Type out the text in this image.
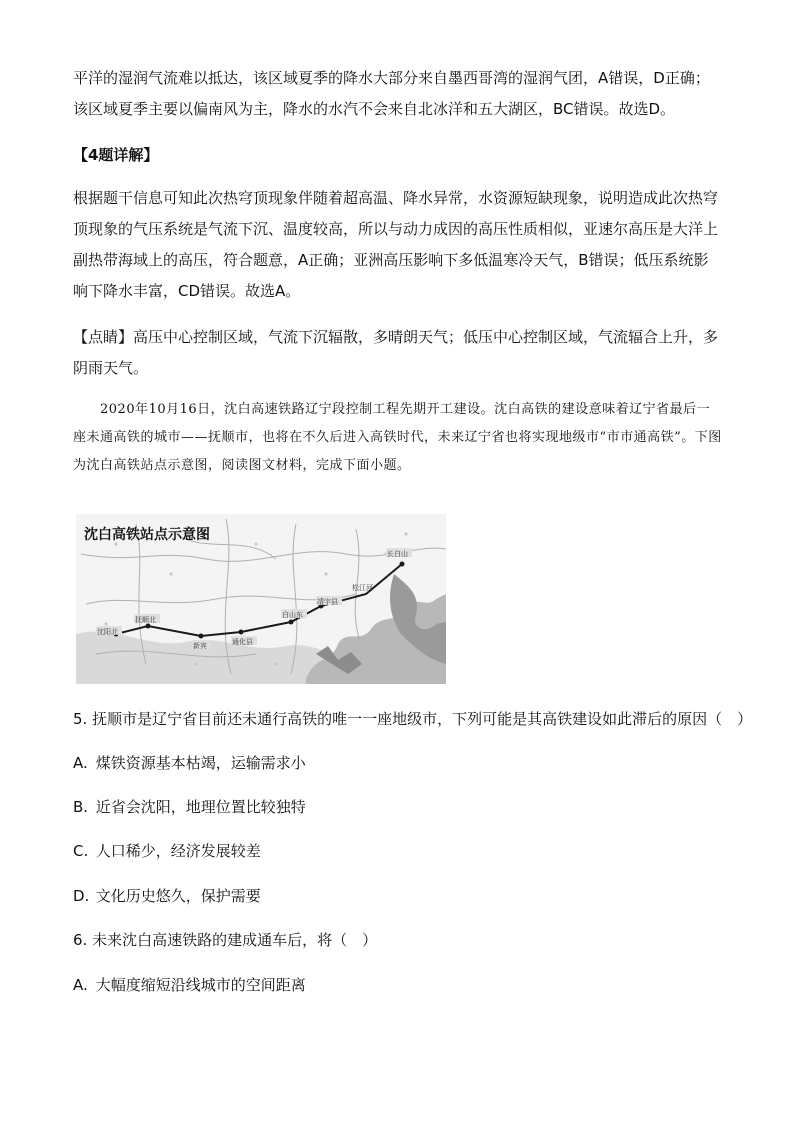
平洋的湿润气流难以抵达，该区域夏季的降水大部分来自墨西哥湾的湿润气团，A错误，D正确；该区域夏季主要以偏南风为主，降水的水汽不会来自北冰洋和五大湖区，BC错误。故选D。

【4题详解】

根据题干信息可知此次热穹顶现象伴随着超高温、降水异常，水资源短缺现象，说明造成此次热穹顶现象的气压系统是气流下沉、温度较高，所以与动力成因的高压性质相似，亚速尔高压是大洋上副热带海域上的高压，符合题意，A正确；亚洲高压影响下多低温寒冷天气，B错误；低压系统影响下降水丰富，CD错误。故选A。

【点睛】高压中心控制区域，气流下沉辐散，多晴朗天气；低压中心控制区域，气流辐合上升，多阴雨天气。

2020年10月16日，沈白高速铁路辽宁段控制工程先期开工建设。沈白高铁的建设意味着辽宁省最后一座未通高铁的城市——抚顺市，也将在不久后进入高铁时代，未来辽宁省也将实现地级市“市市通高铁”。下图为沈白高铁站点示意图，阅读图文材料，完成下面小题。

沈白高铁站点示意图
沈阳北
抚顺北
新宾	通化县
白山东
靖宇县
长白山
松江河

5. 抚顺市是辽宁省目前还未通行高铁的唯一一座地级市，下列可能是其高铁建设如此滞后的原因（　）

A. 煤铁资源基本枯竭，运输需求小

B. 近省会沈阳，地理位置比较独特

C. 人口稀少，经济发展较差

D. 文化历史悠久，保护需要

6. 未来沈白高速铁路的建成通车后，将（　）

A. 大幅度缩短沿线城市的空间距离
